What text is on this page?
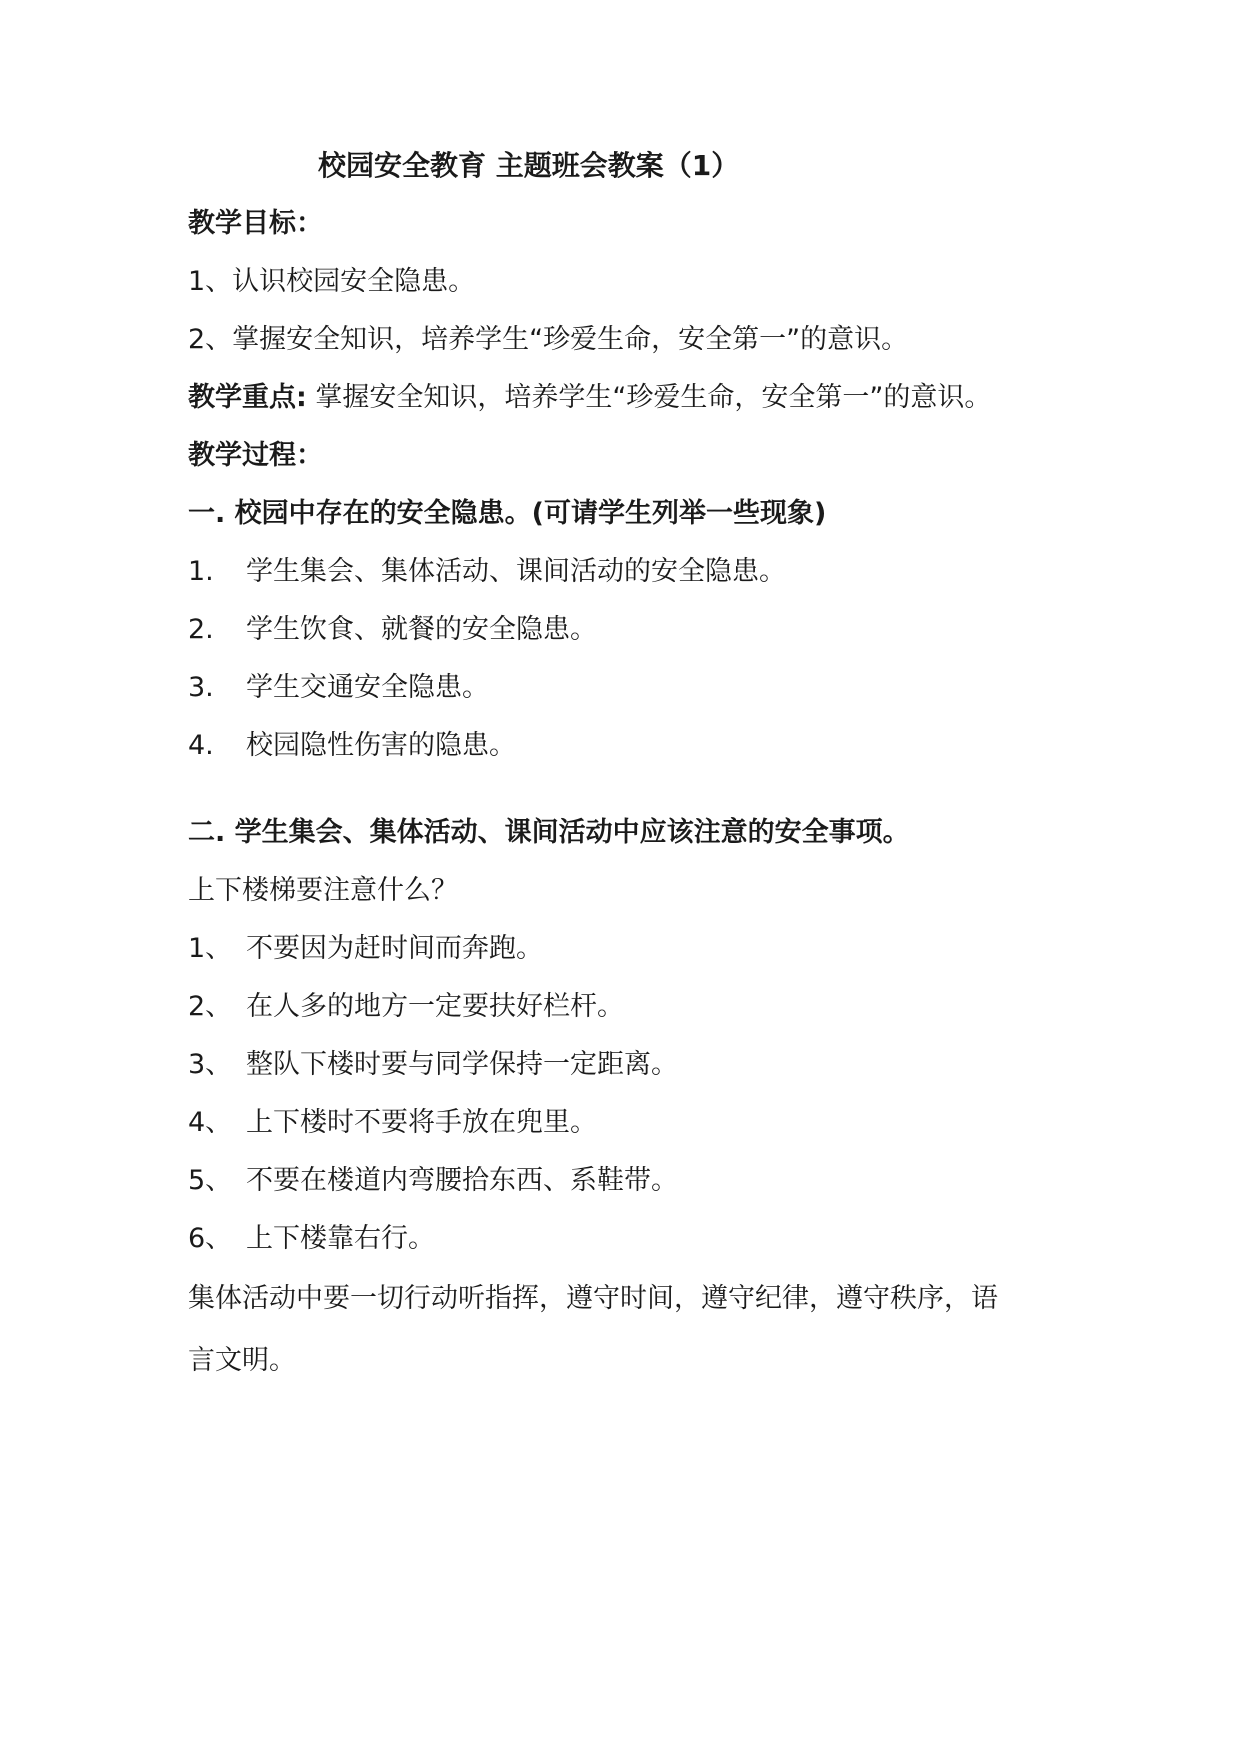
校园安全教育 主题班会教案（1）
教学目标：
1、认识校园安全隐患。
2、掌握安全知识，培养学生“珍爱生命，安全第一”的意识。
教学重点: 掌握安全知识，培养学生“珍爱生命，安全第一”的意识。
教学过程：
一. 校园中存在的安全隐患。(可请学生列举一些现象)
1. 学生集会、集体活动、课间活动的安全隐患。
2. 学生饮食、就餐的安全隐患。
3. 学生交通安全隐患。
4. 校园隐性伤害的隐患。
二. 学生集会、集体活动、课间活动中应该注意的安全事项。
上下楼梯要注意什么？
1、 不要因为赶时间而奔跑。
2、 在人多的地方一定要扶好栏杆。
3、 整队下楼时要与同学保持一定距离。
4、 上下楼时不要将手放在兜里。
5、 不要在楼道内弯腰拾东西、系鞋带。
6、 上下楼靠右行。
集体活动中要一切行动听指挥，遵守时间，遵守纪律，遵守秩序，语
言文明。
